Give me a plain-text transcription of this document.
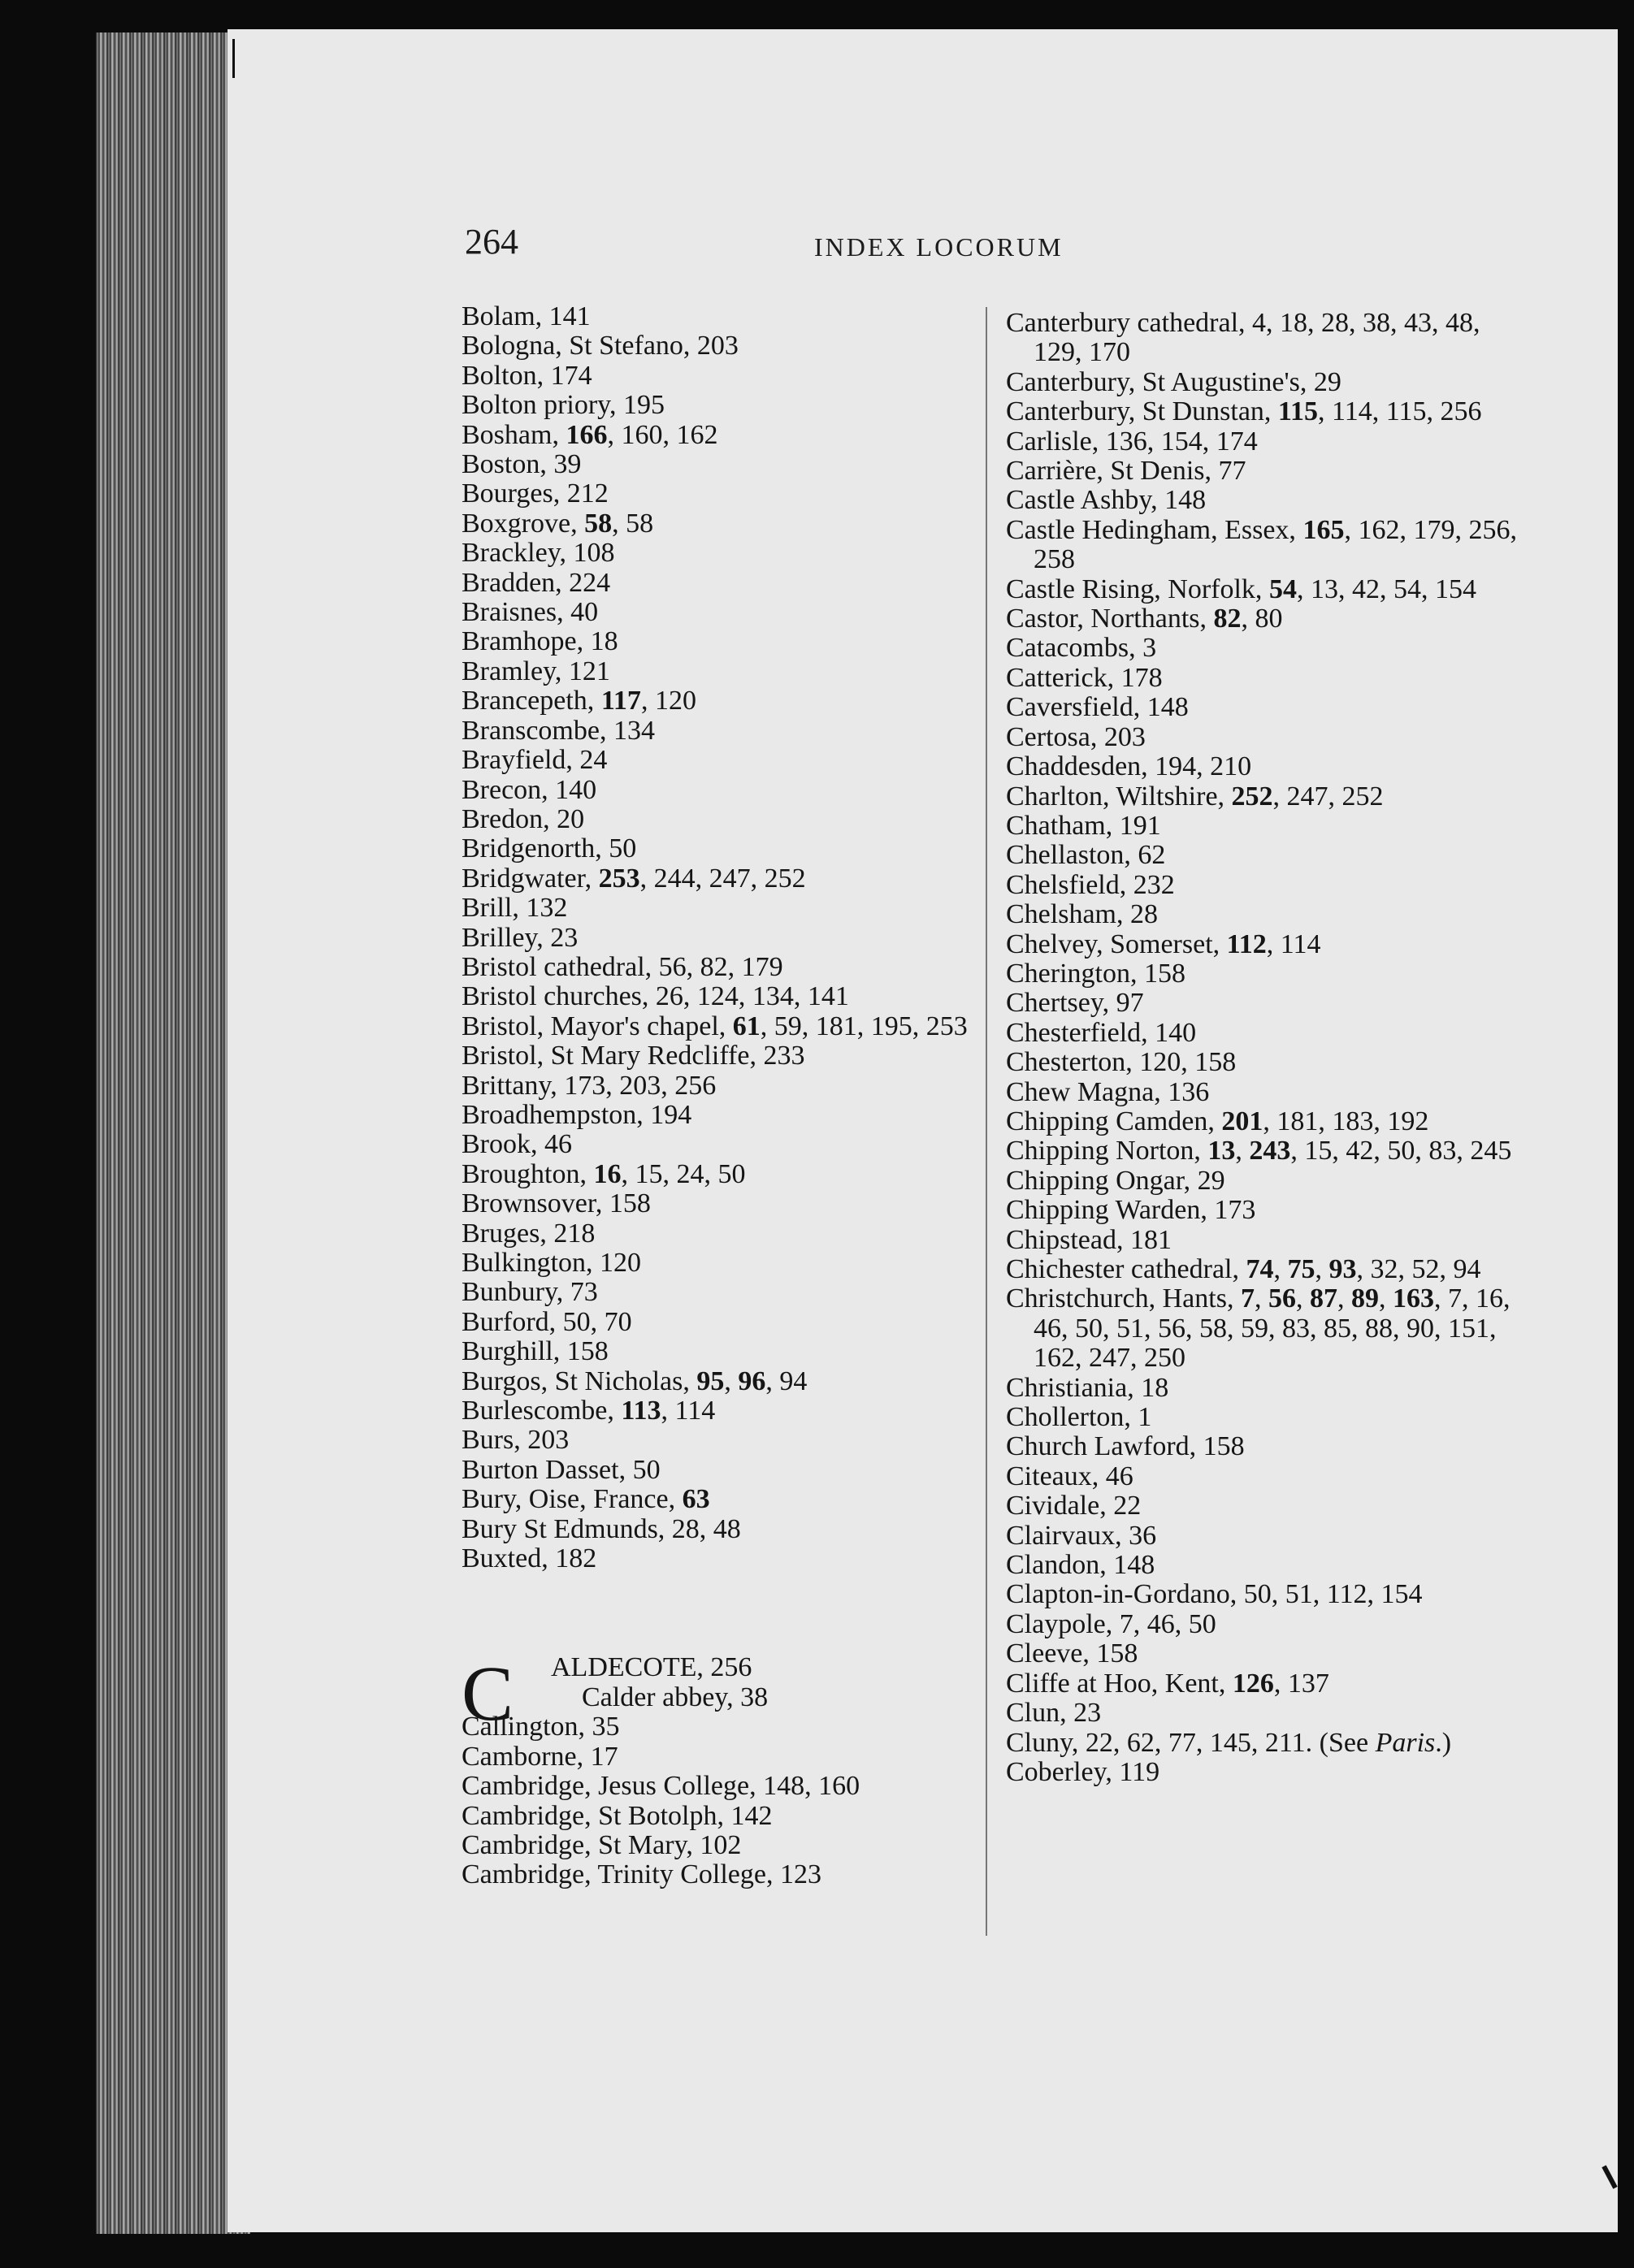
264	INDEX LOCORUM
Bolam, 141
Bologna, St Stefano, 203
Bolton, 174
Bolton priory, 195
Bosham, 166, 160, 162
Boston, 39
Bourges, 212
Boxgrove, 58, 58
Brackley, 108
Bradden, 224
Braisnes, 40
Bramhope, 18
Bramley, 121
Brancepeth, 117, 120
Branscombe, 134
Brayfield, 24
Brecon, 140
Bredon, 20
Bridgenorth, 50
Bridgwater, 253, 244, 247, 252
Brill, 132
Brilley, 23
Bristol cathedral, 56, 82, 179
Bristol churches, 26, 124, 134, 141
Bristol, Mayor's chapel, 61, 59, 181, 195, 253
Bristol, St Mary Redcliffe, 233
Brittany, 173, 203, 256
Broadhempston, 194
Brook, 46
Broughton, 16, 15, 24, 50
Brownsover, 158
Bruges, 218
Bulkington, 120
Bunbury, 73
Burford, 50, 70
Burghill, 158
Burgos, St Nicholas, 95, 96, 94
Burlescombe, 113, 114
Burs, 203
Burton Dasset, 50
Bury, Oise, France, 63
Bury St Edmunds, 28, 48
Buxted, 182
C ALDECOTE, 256
Calder abbey, 38
Callington, 35
Camborne, 17
Cambridge, Jesus College, 148, 160
Cambridge, St Botolph, 142
Cambridge, St Mary, 102
Cambridge, Trinity College, 123
Canterbury cathedral, 4, 18, 28, 38, 43, 48, 129, 170
Canterbury, St Augustine's, 29
Canterbury, St Dunstan, 115, 114, 115, 256
Carlisle, 136, 154, 174
Carrière, St Denis, 77
Castle Ashby, 148
Castle Hedingham, Essex, 165, 162, 179, 256, 258
Castle Rising, Norfolk, 54, 13, 42, 54, 154
Castor, Northants, 82, 80
Catacombs, 3
Catterick, 178
Caversfield, 148
Certosa, 203
Chaddesden, 194, 210
Charlton, Wiltshire, 252, 247, 252
Chatham, 191
Chellaston, 62
Chelsfield, 232
Chelsham, 28
Chelvey, Somerset, 112, 114
Cherington, 158
Chertsey, 97
Chesterfield, 140
Chesterton, 120, 158
Chew Magna, 136
Chipping Camden, 201, 181, 183, 192
Chipping Norton, 13, 243, 15, 42, 50, 83, 245
Chipping Ongar, 29
Chipping Warden, 173
Chipstead, 181
Chichester cathedral, 74, 75, 93, 32, 52, 94
Christchurch, Hants, 7, 56, 87, 89, 163, 7, 16, 46, 50, 51, 56, 58, 59, 83, 85, 88, 90, 151, 162, 247, 250
Christiania, 18
Chollerton, 1
Church Lawford, 158
Citeaux, 46
Cividale, 22
Clairvaux, 36
Clandon, 148
Clapton-in-Gordano, 50, 51, 112, 154
Claypole, 7, 46, 50
Cleeve, 158
Cliffe at Hoo, Kent, 126, 137
Clun, 23
Cluny, 22, 62, 77, 145, 211. (See Paris.)
Coberley, 119
